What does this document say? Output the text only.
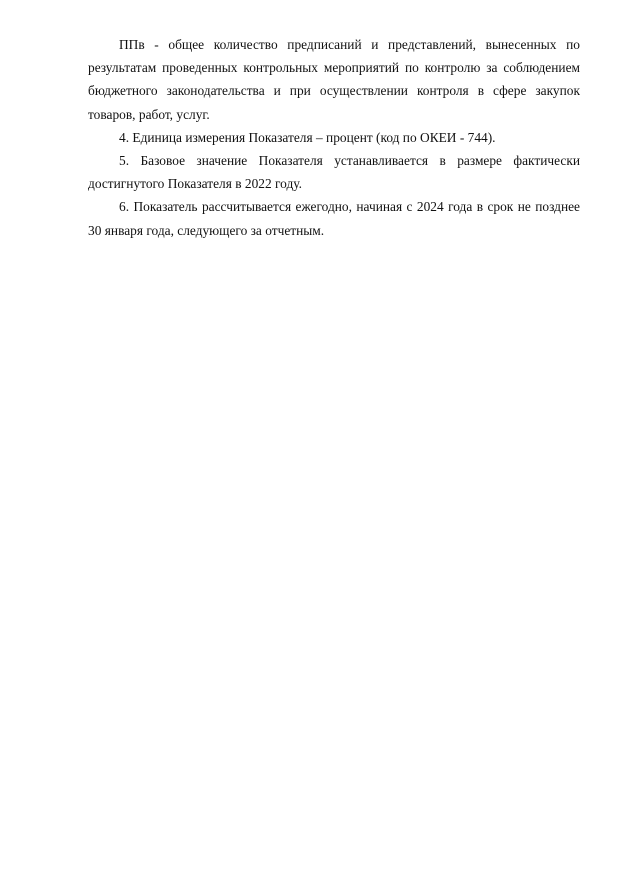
ППв - общее количество предписаний и представлений, вынесенных по результатам проведенных контрольных мероприятий по контролю за соблюдением бюджетного законодательства и при осуществлении контроля в сфере закупок товаров, работ, услуг.

4. Единица измерения Показателя – процент (код по ОКЕИ - 744).

5. Базовое значение Показателя устанавливается в размере фактически достигнутого Показателя в 2022 году.

6. Показатель рассчитывается ежегодно, начиная с 2024 года в срок не позднее 30 января года, следующего за отчетным.
